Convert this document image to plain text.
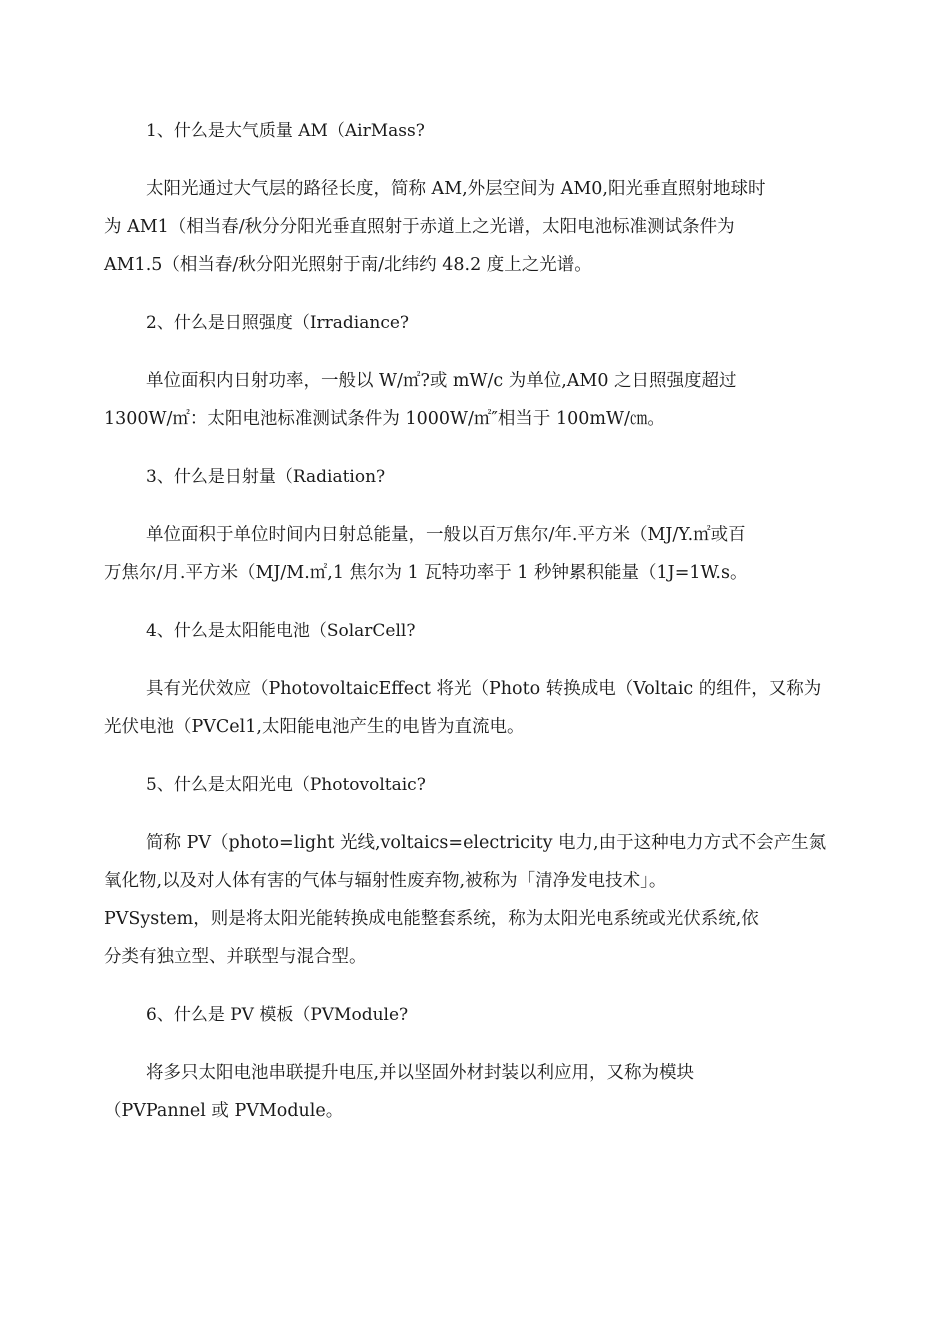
1、什么是大气质量 AM（AirMass?

太阳光通过大气层的路径长度，简称 AM,外层空间为 AM0,阳光垂直照射地球时
为 AM1（相当春/秋分分阳光垂直照射于赤道上之光谱，太阳电池标准测试条件为
AM1.5（相当春/秋分阳光照射于南/北纬约 48.2 度上之光谱。

2、什么是日照强度（Irradiance?

单位面积内日射功率，一般以 W/㎡?或 mW/c 为单位,AM0 之日照强度超过
1300W/㎡：太阳电池标准测试条件为 1000W/㎡″相当于 100mW/㎝。

3、什么是日射量（Radiation?

单位面积于单位时间内日射总能量，一般以百万焦尔/年.平方米（MJ/Y.㎡或百
万焦尔/月.平方米（MJ/M.㎡,1 焦尔为 1 瓦特功率于 1 秒钟累积能量（1J=1W.s。

4、什么是太阳能电池（SolarCell?

具有光伏效应（PhotovoltaicEffect 将光（Photo 转换成电（Voltaic 的组件，又称为
光伏电池（PVCel1,太阳能电池产生的电皆为直流电。

5、什么是太阳光电（Photovoltaic?

简称 PV（photo=light 光线,voltaics=electricity 电力,由于这种电力方式不会产生氮
氧化物,以及对人体有害的气体与辐射性废弃物,被称为「清净发电技术」。
PVSystem，则是将太阳光能转换成电能整套系统，称为太阳光电系统或光伏系统,依
分类有独立型、并联型与混合型。

6、什么是 PV 模板（PVModule?

将多只太阳电池串联提升电压,并以坚固外材封装以利应用，又称为模块
（PVPannel 或 PVModule。
